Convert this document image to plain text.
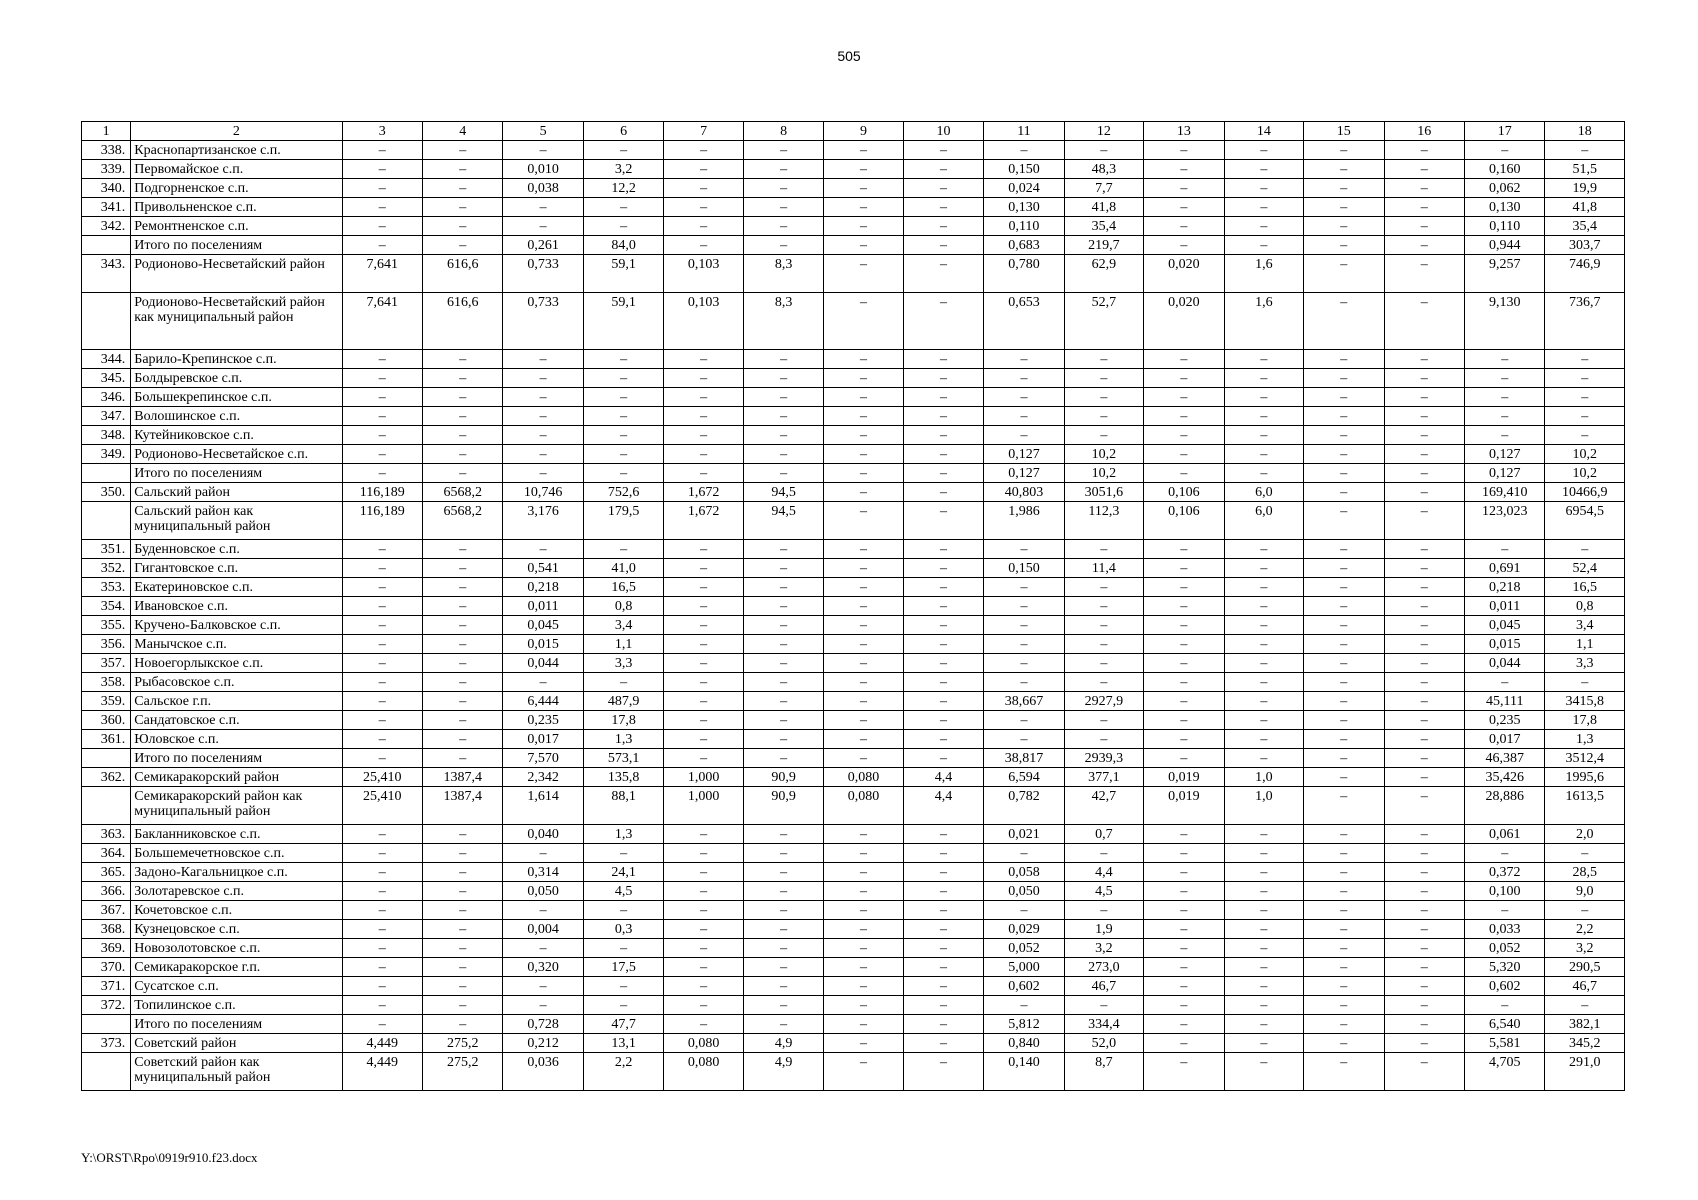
505
1	2	3	4	5	6	7	8	9	10	11	12	13	14	15	16	17	18
338.	Краснопартизанское с.п.	–	–	–	–	–	–	–	–	–	–	–	–	–	–	–	–
339.	Первомайское с.п.	–	–	0,010	3,2	–	–	–	–	0,150	48,3	–	–	–	–	0,160	51,5
340.	Подгорненское с.п.	–	–	0,038	12,2	–	–	–	–	0,024	7,7	–	–	–	–	0,062	19,9
341.	Привольненское с.п.	–	–	–	–	–	–	–	–	0,130	41,8	–	–	–	–	0,130	41,8
342.	Ремонтненское с.п.	–	–	–	–	–	–	–	–	0,110	35,4	–	–	–	–	0,110	35,4
	Итого по поселениям	–	–	0,261	84,0	–	–	–	–	0,683	219,7	–	–	–	–	0,944	303,7
343.	Родионово-Несветайский район	7,641	616,6	0,733	59,1	0,103	8,3	–	–	0,780	62,9	0,020	1,6	–	–	9,257	746,9
	Родионово-Несветайский район как муниципальный район	7,641	616,6	0,733	59,1	0,103	8,3	–	–	0,653	52,7	0,020	1,6	–	–	9,130	736,7
344.	Барило-Крепинское с.п.	–	–	–	–	–	–	–	–	–	–	–	–	–	–	–	–
345.	Болдыревское с.п.	–	–	–	–	–	–	–	–	–	–	–	–	–	–	–	–
346.	Большекрепинское с.п.	–	–	–	–	–	–	–	–	–	–	–	–	–	–	–	–
347.	Волошинское с.п.	–	–	–	–	–	–	–	–	–	–	–	–	–	–	–	–
348.	Кутейниковское с.п.	–	–	–	–	–	–	–	–	–	–	–	–	–	–	–	–
349.	Родионово-Несветайское с.п.	–	–	–	–	–	–	–	–	0,127	10,2	–	–	–	–	0,127	10,2
	Итого по поселениям	–	–	–	–	–	–	–	–	0,127	10,2	–	–	–	–	0,127	10,2
350.	Сальский район	116,189	6568,2	10,746	752,6	1,672	94,5	–	–	40,803	3051,6	0,106	6,0	–	–	169,410	10466,9
	Сальский район как муниципальный район	116,189	6568,2	3,176	179,5	1,672	94,5	–	–	1,986	112,3	0,106	6,0	–	–	123,023	6954,5
351.	Буденновское с.п.	–	–	–	–	–	–	–	–	–	–	–	–	–	–	–	–
352.	Гигантовское с.п.	–	–	0,541	41,0	–	–	–	–	0,150	11,4	–	–	–	–	0,691	52,4
353.	Екатериновское с.п.	–	–	0,218	16,5	–	–	–	–	–	–	–	–	–	–	0,218	16,5
354.	Ивановское с.п.	–	–	0,011	0,8	–	–	–	–	–	–	–	–	–	–	0,011	0,8
355.	Кручено-Балковское с.п.	–	–	0,045	3,4	–	–	–	–	–	–	–	–	–	–	0,045	3,4
356.	Манычское с.п.	–	–	0,015	1,1	–	–	–	–	–	–	–	–	–	–	0,015	1,1
357.	Новоегорлыкское с.п.	–	–	0,044	3,3	–	–	–	–	–	–	–	–	–	–	0,044	3,3
358.	Рыбасовское с.п.	–	–	–	–	–	–	–	–	–	–	–	–	–	–	–	–
359.	Сальское г.п.	–	–	6,444	487,9	–	–	–	–	38,667	2927,9	–	–	–	–	45,111	3415,8
360.	Сандатовское с.п.	–	–	0,235	17,8	–	–	–	–	–	–	–	–	–	–	0,235	17,8
361.	Юловское с.п.	–	–	0,017	1,3	–	–	–	–	–	–	–	–	–	–	0,017	1,3
	Итого по поселениям	–	–	7,570	573,1	–	–	–	–	38,817	2939,3	–	–	–	–	46,387	3512,4
362.	Семикаракорский район	25,410	1387,4	2,342	135,8	1,000	90,9	0,080	4,4	6,594	377,1	0,019	1,0	–	–	35,426	1995,6
	Семикаракорский район как муниципальный район	25,410	1387,4	1,614	88,1	1,000	90,9	0,080	4,4	0,782	42,7	0,019	1,0	–	–	28,886	1613,5
363.	Бакланниковское с.п.	–	–	0,040	1,3	–	–	–	–	0,021	0,7	–	–	–	–	0,061	2,0
364.	Большемечетновское с.п.	–	–	–	–	–	–	–	–	–	–	–	–	–	–	–	–
365.	Задоно-Кагальницкое с.п.	–	–	0,314	24,1	–	–	–	–	0,058	4,4	–	–	–	–	0,372	28,5
366.	Золотаревское с.п.	–	–	0,050	4,5	–	–	–	–	0,050	4,5	–	–	–	–	0,100	9,0
367.	Кочетовское с.п.	–	–	–	–	–	–	–	–	–	–	–	–	–	–	–	–
368.	Кузнецовское с.п.	–	–	0,004	0,3	–	–	–	–	0,029	1,9	–	–	–	–	0,033	2,2
369.	Новозолотовское с.п.	–	–	–	–	–	–	–	–	0,052	3,2	–	–	–	–	0,052	3,2
370.	Семикаракорское г.п.	–	–	0,320	17,5	–	–	–	–	5,000	273,0	–	–	–	–	5,320	290,5
371.	Сусатское с.п.	–	–	–	–	–	–	–	–	0,602	46,7	–	–	–	–	0,602	46,7
372.	Топилинское с.п.	–	–	–	–	–	–	–	–	–	–	–	–	–	–	–	–
	Итого по поселениям	–	–	0,728	47,7	–	–	–	–	5,812	334,4	–	–	–	–	6,540	382,1
373.	Советский район	4,449	275,2	0,212	13,1	0,080	4,9	–	–	0,840	52,0	–	–	–	–	5,581	345,2
	Советский район как муниципальный район	4,449	275,2	0,036	2,2	0,080	4,9	–	–	0,140	8,7	–	–	–	–	4,705	291,0
Y:\ORST\Rpo\0919r910.f23.docx
